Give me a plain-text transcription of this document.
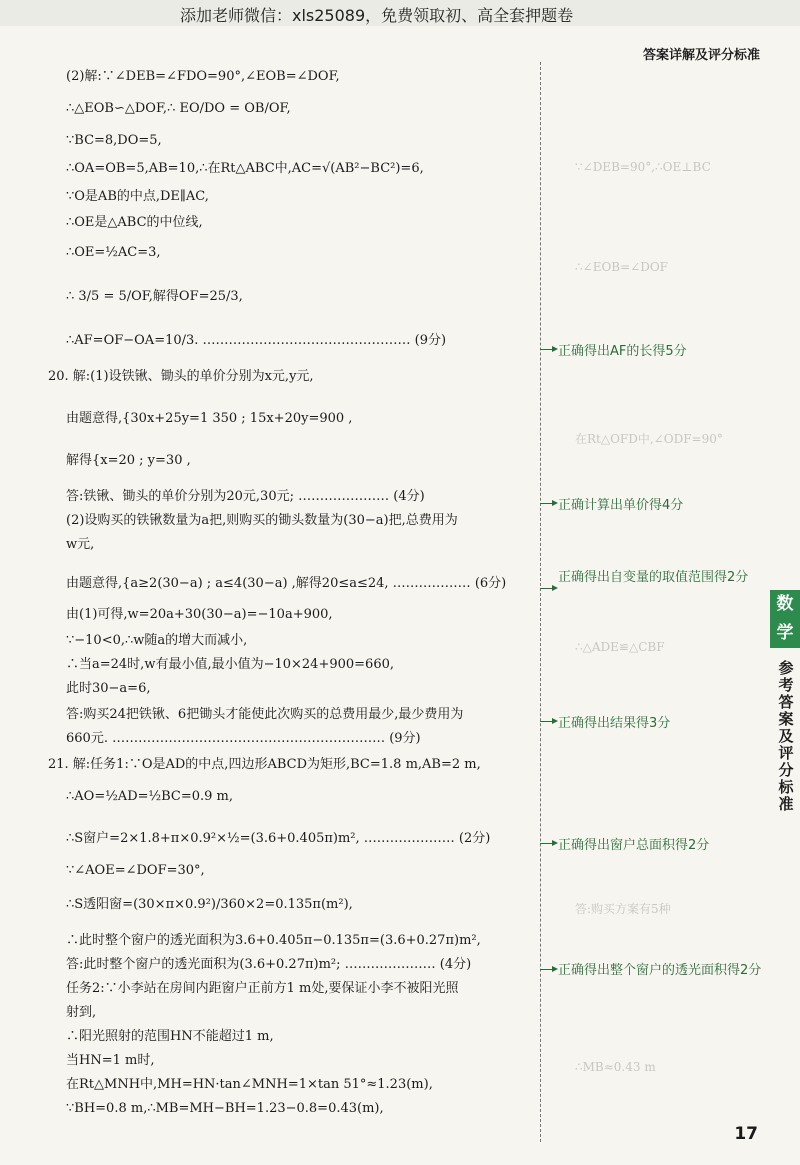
添加老师微信：xls25089，免费领取初、高全套押题卷
答案详解及评分标准
∵∠DEB=90°,∴OE⊥BC
∴∠EOB=∠DOF
在Rt△OFD中,∠ODF=90°
∴△ADE≌△CBF
答:购买方案有5种
∴MB≈0.43 m
(2)解:∵∠DEB=∠FDO=90°,∠EOB=∠DOF,
∴△EOB∽△DOF,∴ EO/DO = OB/OF,
∵BC=8,DO=5,
∴OA=OB=5,AB=10,∴在Rt△ABC中,AC=√(AB²−BC²)=6,
∵O是AB的中点,DE∥AC,
∴OE是△ABC的中位线,
∴OE=½AC=3,
∴ 3/5 = 5/OF,解得OF=25/3,
∴AF=OF−OA=10/3. ………………………………………… (9分)
20. 解:(1)设铁锹、锄头的单价分别为x元,y元,
由题意得,{30x+25y=1 350 ; 15x+20y=900 ,
解得{x=20 ; y=30 ,
答:铁锹、锄头的单价分别为20元,30元; ………………… (4分)
(2)设购买的铁锹数量为a把,则购买的锄头数量为(30−a)把,总费用为
w元,
由题意得,{a≥2(30−a) ; a≤4(30−a) ,解得20≤a≤24, ……………… (6分)
由(1)可得,w=20a+30(30−a)=−10a+900,
∵−10<0,∴w随a的增大而减小,
∴当a=24时,w有最小值,最小值为−10×24+900=660,
此时30−a=6,
答:购买24把铁锹、6把锄头才能使此次购买的总费用最少,最少费用为
660元. ……………………………………………………… (9分)
21. 解:任务1:∵O是AD的中点,四边形ABCD为矩形,BC=1.8 m,AB=2 m,
∴AO=½AD=½BC=0.9 m,
∴S窗户=2×1.8+π×0.9²×½=(3.6+0.405π)m², ………………… (2分)
∵∠AOE=∠DOF=30°,
∴S透阳窗=(30×π×0.9²)/360×2=0.135π(m²),
∴此时整个窗户的透光面积为3.6+0.405π−0.135π=(3.6+0.27π)m²,
答:此时整个窗户的透光面积为(3.6+0.27π)m²; ………………… (4分)
任务2:∵小李站在房间内距窗户正前方1 m处,要保证小李不被阳光照
射到,
∴阳光照射的范围HN不能超过1 m,
当HN=1 m时,
在Rt△MNH中,MH=HN·tan∠MNH=1×tan 51°≈1.23(m),
∵BH=0.8 m,∴MB=MH−BH=1.23−0.8=0.43(m),
正确得出AF的长得5分
正确计算出单价得4分
正确得出自变量的取值范围得2分
正确得出结果得3分
正确得出窗户总面积得2分
正确得出整个窗户的透光面积得2分
数学
参考答案及评分标准
17
